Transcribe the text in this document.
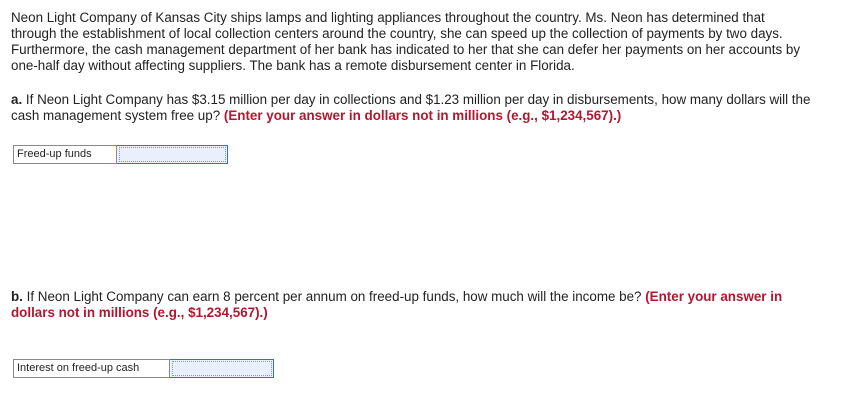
Neon Light Company of Kansas City ships lamps and lighting appliances throughout the country. Ms. Neon has determined that through the establishment of local collection centers around the country, she can speed up the collection of payments by two days. Furthermore, the cash management department of her bank has indicated to her that she can defer her payments on her accounts by one-half day without affecting suppliers. The bank has a remote disbursement center in Florida.

a. If Neon Light Company has $3.15 million per day in collections and $1.23 million per day in disbursements, how many dollars will the cash management system free up? (Enter your answer in dollars not in millions (e.g., $1,234,567).)

Freed-up funds

b. If Neon Light Company can earn 8 percent per annum on freed-up funds, how much will the income be? (Enter your answer in dollars not in millions (e.g., $1,234,567).)

Interest on freed-up cash
